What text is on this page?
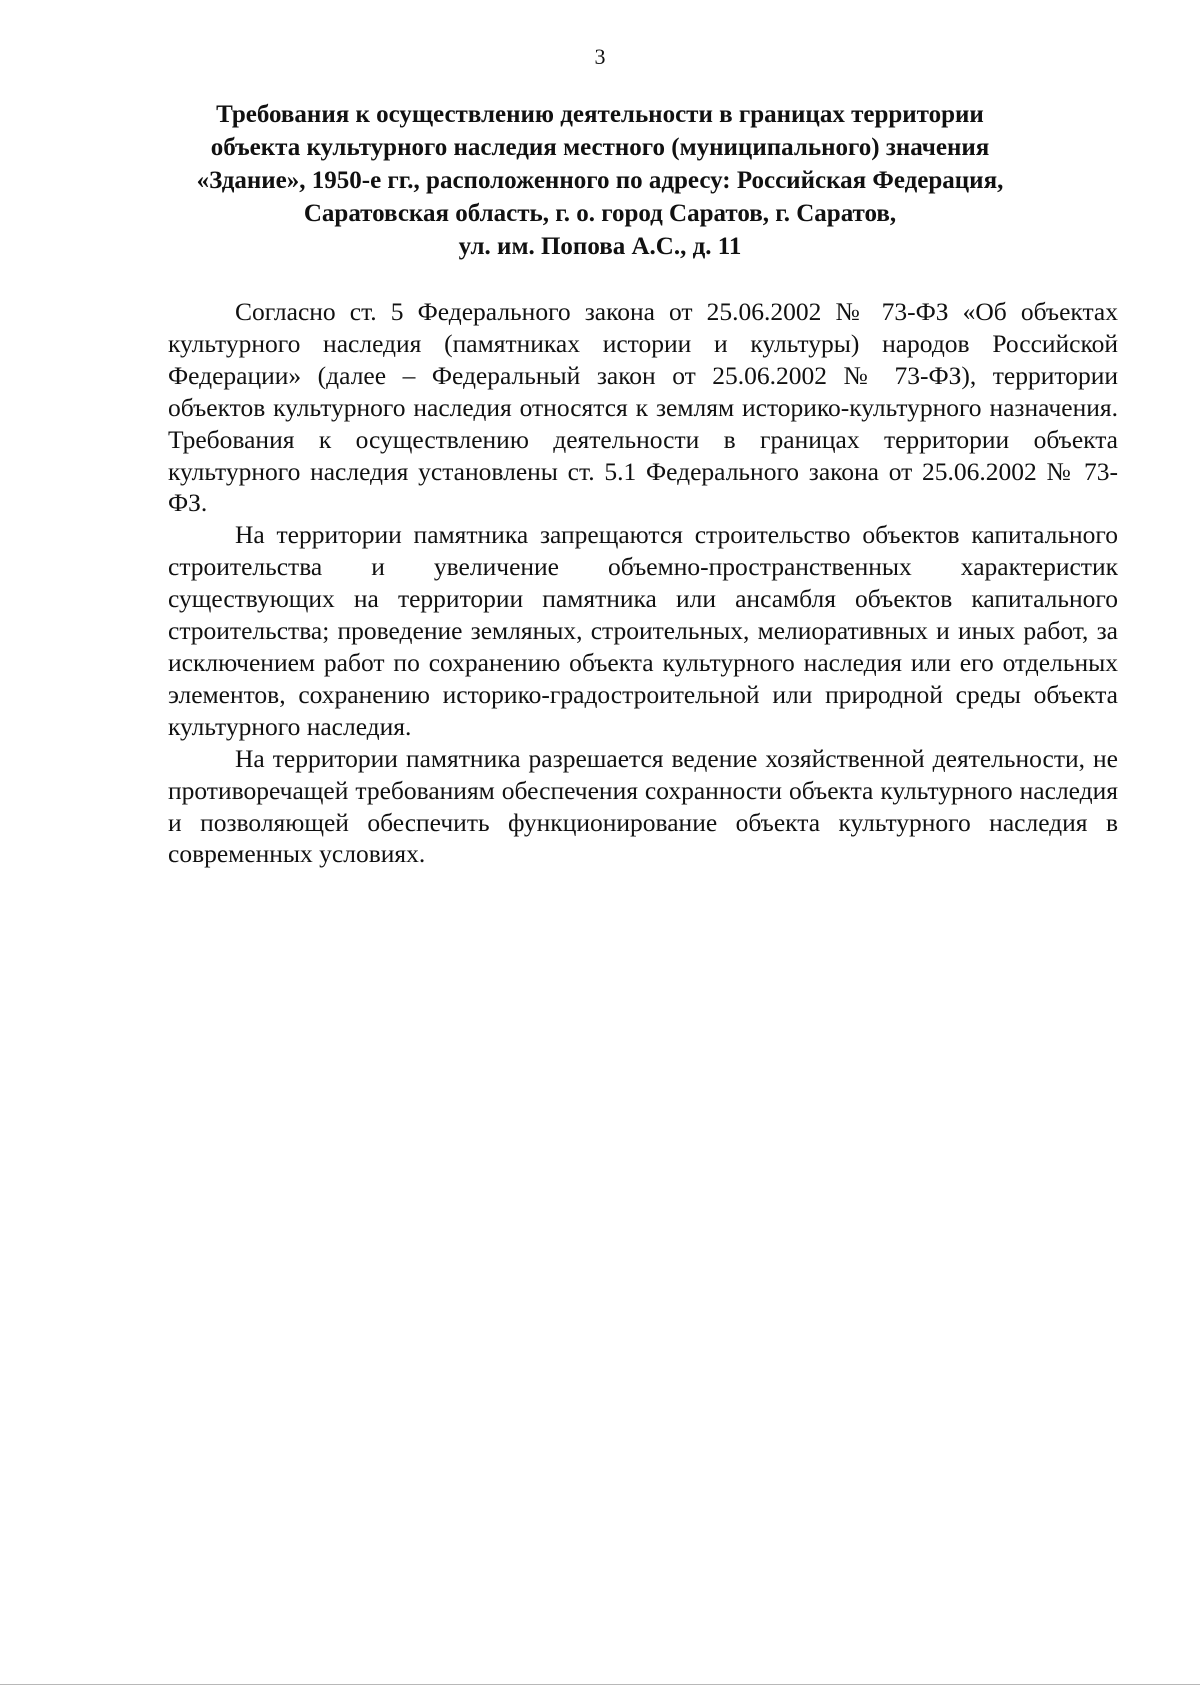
3
Требования к осуществлению деятельности в границах территории
объекта культурного наследия местного (муниципального) значения
«Здание», 1950-е гг., расположенного по адресу: Российская Федерация,
Саратовская область, г. о. город Саратов, г. Саратов,
ул. им. Попова А.С., д. 11

Согласно ст. 5 Федерального закона от 25.06.2002 № 73-ФЗ «Об объектах культурного наследия (памятниках истории и культуры) народов Российской Федерации» (далее – Федеральный закон от 25.06.2002 № 73-ФЗ), территории объектов культурного наследия относятся к землям историко-культурного назначения. Требования к осуществлению деятельности в границах территории объекта культурного наследия установлены ст. 5.1 Федерального закона от 25.06.2002 № 73-ФЗ.

На территории памятника запрещаются строительство объектов капитального строительства и увеличение объемно-пространственных характеристик существующих на территории памятника или ансамбля объектов капитального строительства; проведение земляных, строительных, мелиоративных и иных работ, за исключением работ по сохранению объекта культурного наследия или его отдельных элементов, сохранению историко-градостроительной или природной среды объекта культурного наследия.

На территории памятника разрешается ведение хозяйственной деятельности, не противоречащей требованиям обеспечения сохранности объекта культурного наследия и позволяющей обеспечить функционирование объекта культурного наследия в современных условиях.
